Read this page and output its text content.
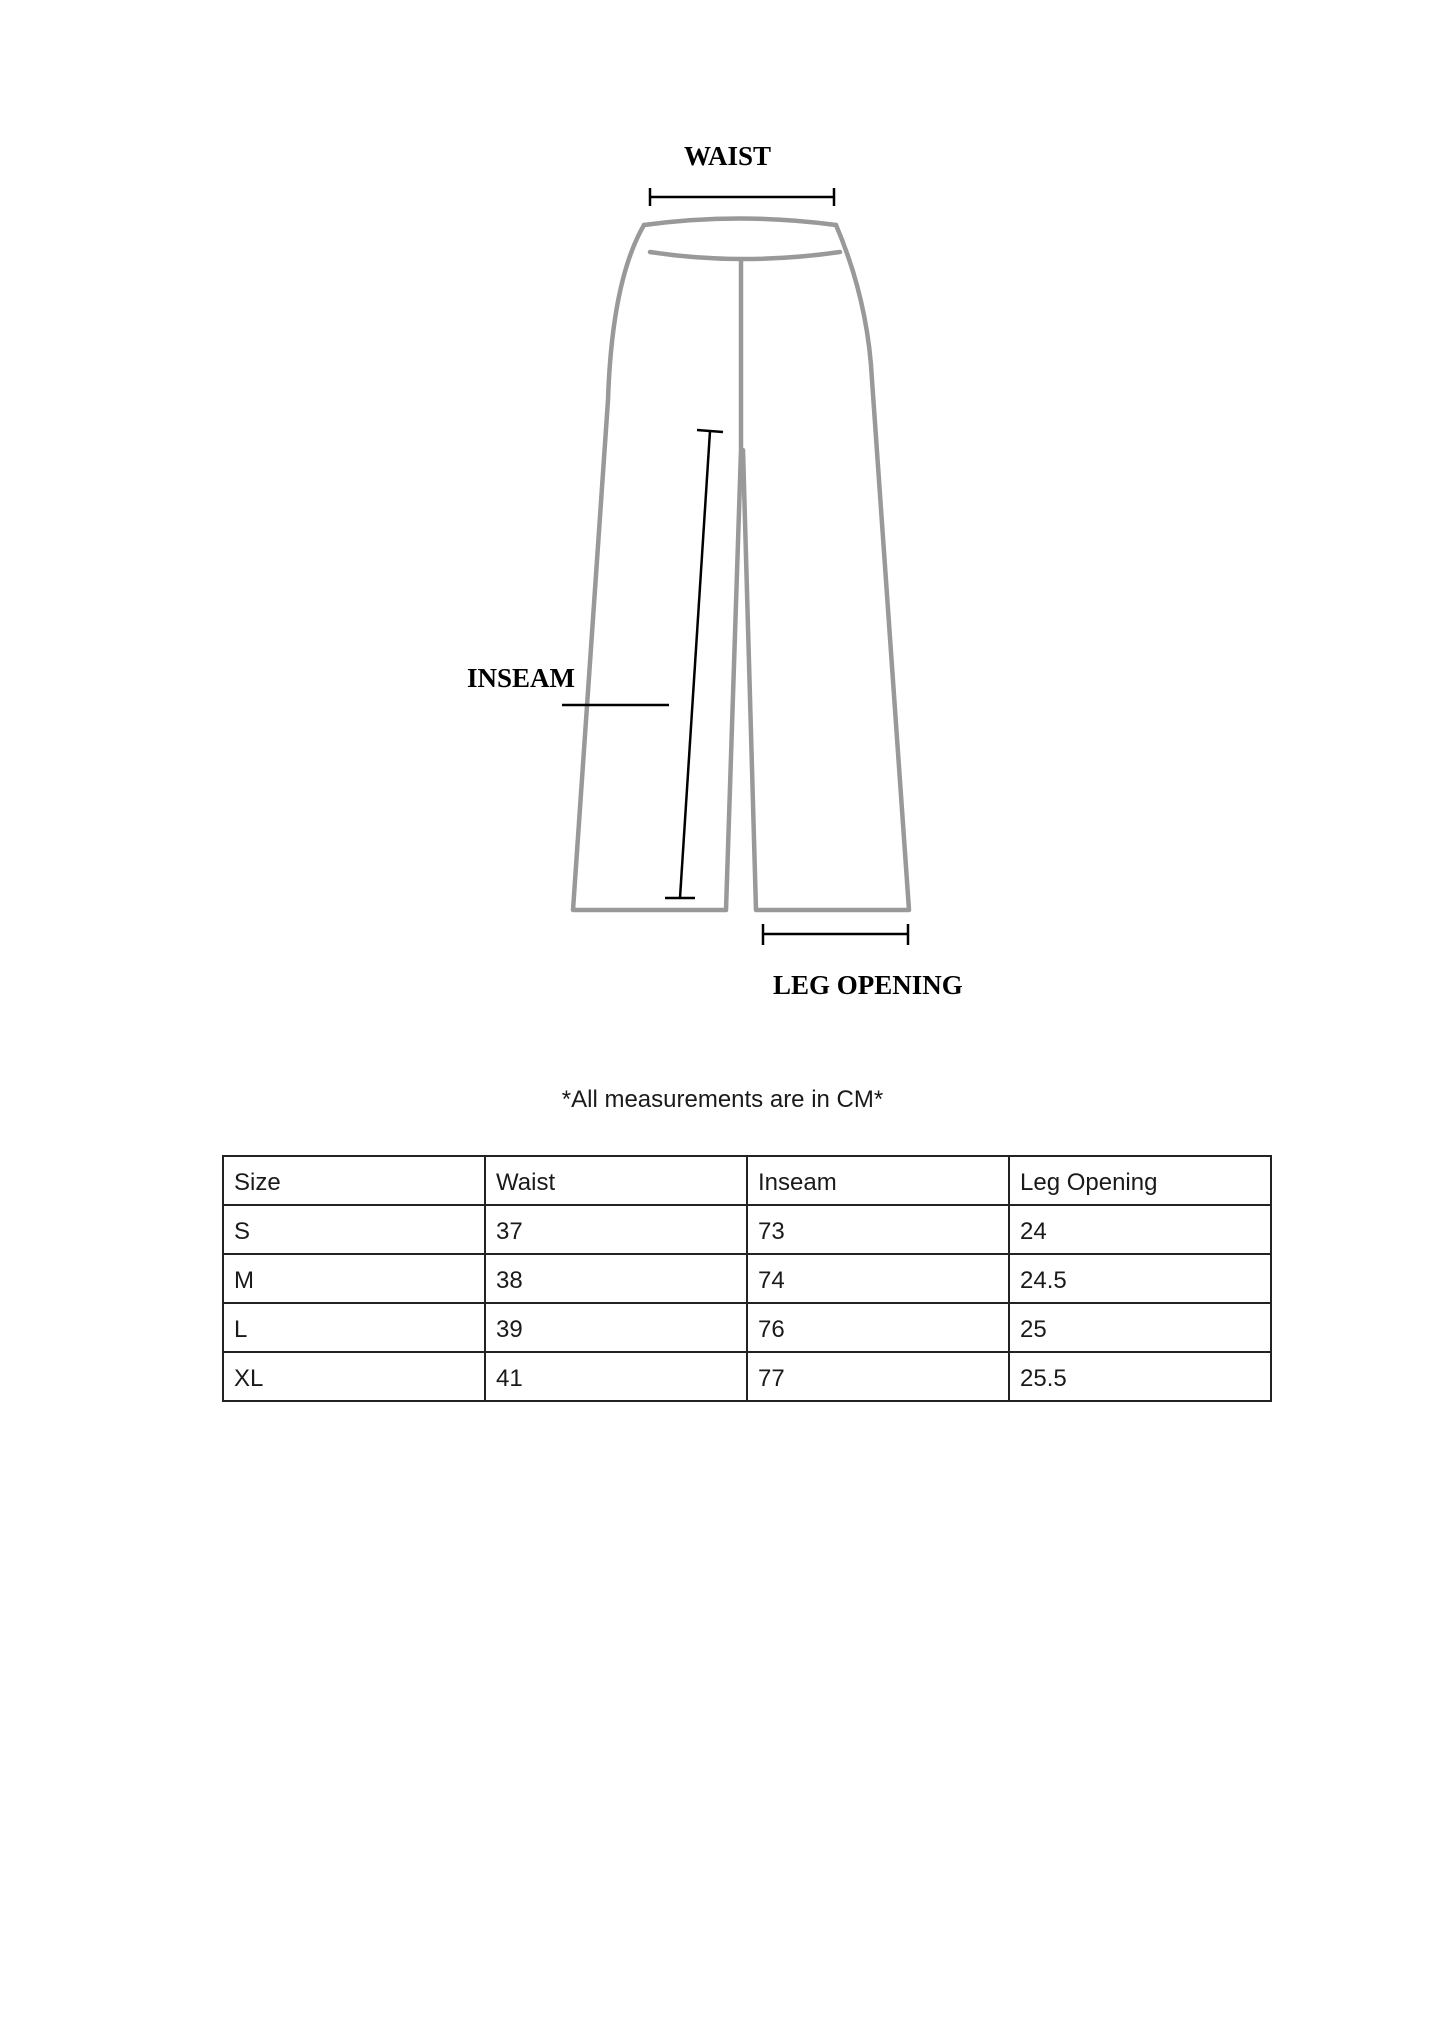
WAIST
INSEAM
LEG OPENING
*All measurements are in CM*
Size	Waist	Inseam	Leg Opening
S	37	73	24
M	38	74	24.5
L	39	76	25
XL	41	77	25.5
